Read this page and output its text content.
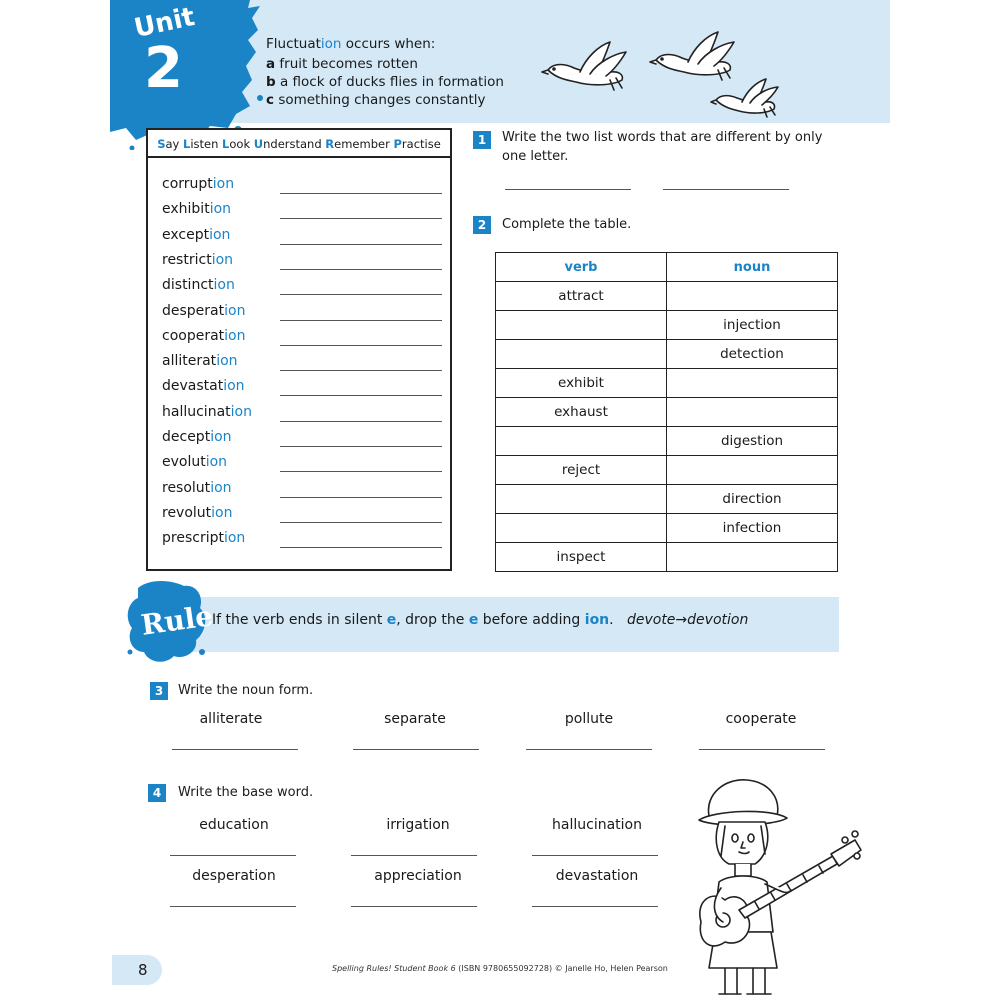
Unit
2	Fluctuation occurs when:
a fruit becomes rotten
b a flock of ducks flies in formation
c something changes constantly
Say Listen Look Understand Remember Practise
corruption
exhibition
exception
restriction
distinction
desperation
cooperation
alliteration
devastation
hallucination
deception
evolution
resolution
revolution
prescription
1	Write the two list words that are different by only
one letter.
2	Complete the table.
verb	noun
attract	
	injection
	detection
exhibit	
exhaust	
	digestion
reject	
	direction
	infection
inspect	
Rule
If the verb ends in silent e, drop the e before adding ion. devote→devotion
3	Write the noun form.
alliterate	separate	pollute	cooperate
4	Write the base word.
education	irrigation	hallucination
desperation	appreciation	devastation
8	Spelling Rules! Student Book 6 (ISBN 9780655092728) © Janelle Ho, Helen Pearson
